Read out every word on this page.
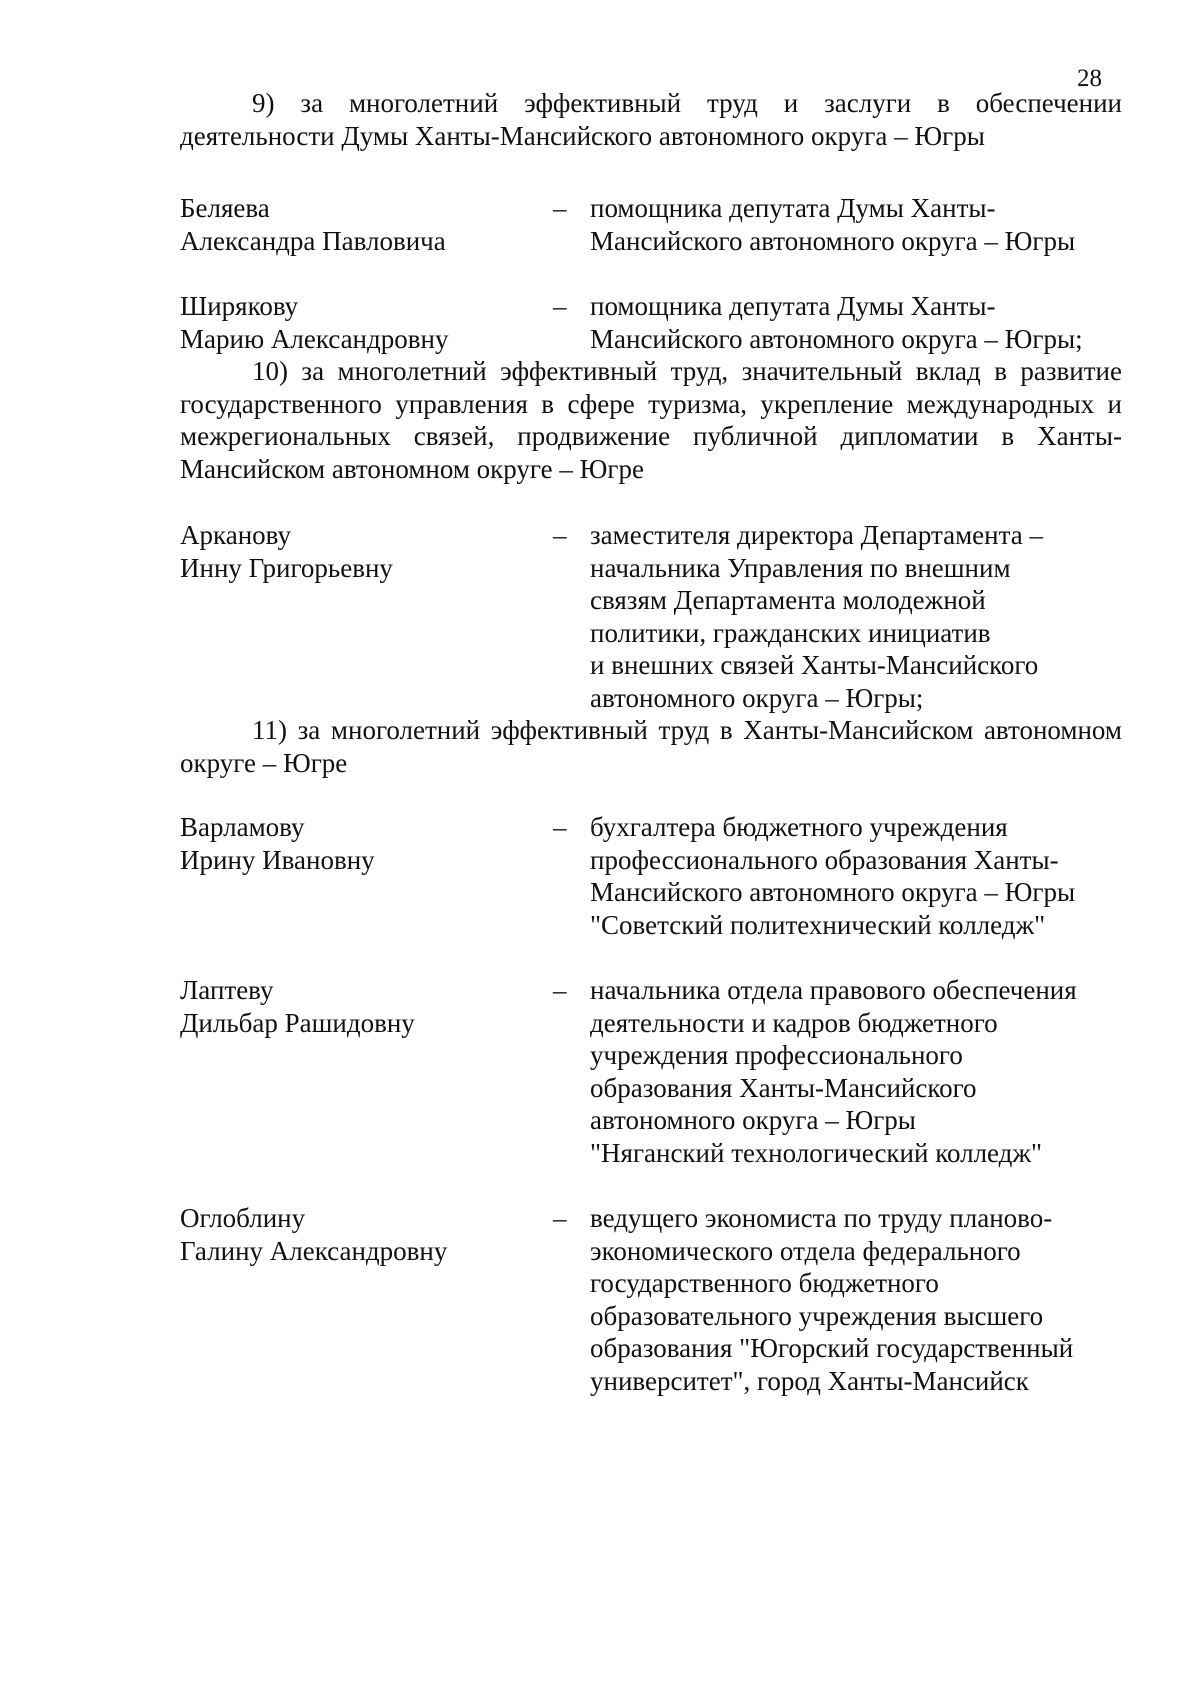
28

9) за многолетний эффективный труд и заслуги в обеспечении деятельности Думы Ханты-Мансийского автономного округа – Югры

Беляева
Александра Павловича
– помощника депутата Думы Ханты-
Мансийского автономного округа – Югры
Ширякову
Марию Александровну
– помощника депутата Думы Ханты-
Мансийского автономного округа – Югры;

10) за многолетний эффективный труд, значительный вклад в развитие государственного управления в сфере туризма, укрепление международных и межрегиональных связей, продвижение публичной дипломатии в Ханты-Мансийском автономном округе – Югре

Арканову
Инну Григорьевну
– заместителя директора Департамента –
начальника Управления по внешним
связям Департамента молодежной
политики, гражданских инициатив
и внешних связей Ханты-Мансийского
автономного округа – Югры;

11) за многолетний эффективный труд в Ханты-Мансийском автономном округе – Югре

Варламову
Ирину Ивановну
– бухгалтера бюджетного учреждения
профессионального образования Ханты-
Мансийского автономного округа – Югры
"Советский политехнический колледж"
Лаптеву
Дильбар Рашидовну
– начальника отдела правового обеспечения
деятельности и кадров бюджетного
учреждения профессионального
образования Ханты-Мансийского
автономного округа – Югры
"Няганский технологический колледж"
Оглоблину
Галину Александровну
– ведущего экономиста по труду планово-
экономического отдела федерального
государственного бюджетного
образовательного учреждения высшего
образования "Югорский государственный
университет", город Ханты-Мансийск
